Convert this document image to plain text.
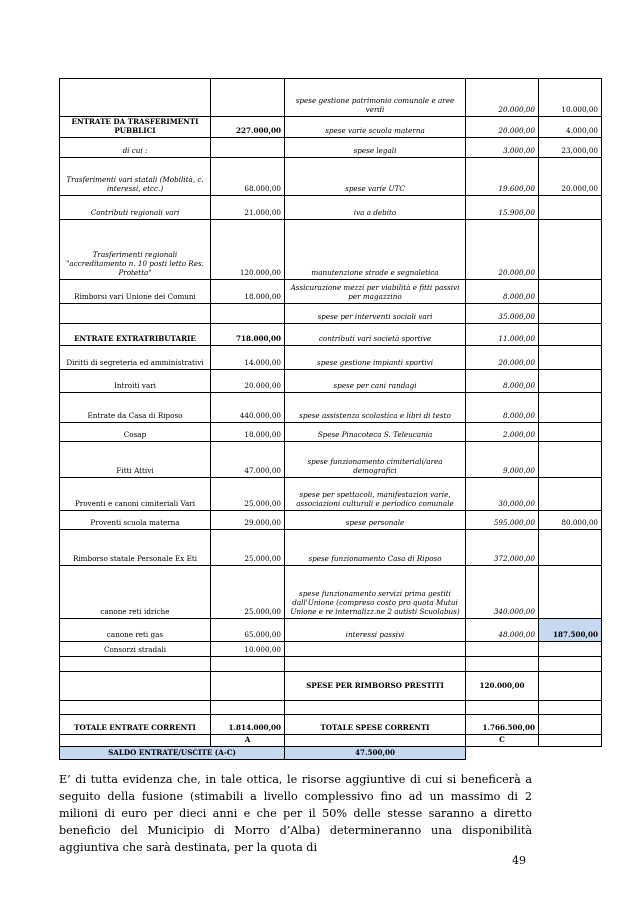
		spese gestione patrimonio comunale e aree verdi	20.000,00	10.000,00
ENTRATE DA TRASFERIMENTI PUBBLICI	227.000,00	spese varie scuola materna	20.000,00	4.000,00
di cui :		spese legali	3.000,00	23.000,00
Trasferimenti vari statali (Mobilità, c. interessi, etcc.)	68.000,00	spese varie UTC	19.600,00	20.000,00
Contributi regionali vari	21.000,00	iva a debito	15.900,00	
Trasferimenti regionali "accreditamento n. 10 posti letto Res. Protetta"	120.000,00	manutenzione strade e segnaletica	20.000,00	
Rimborsi vari Unione dei Comuni	18.000,00	Assicurazione mezzi per viabilità e fitti passivi per magazzino	8.000,00	
		spese per interventi sociali vari	35.000,00	
ENTRATE EXTRATRIBUTARIE	718.000,00	contributi vari società sportive	11.000,00	
Diritti di segreteria ed amministrativi	14.000,00	spese gestione impianti sportivi	20.000,00	
Introiti vari	20.000,00	spese per cani randagi	8.000,00	
Entrate da Casa di Riposo	440.000,00	spese assistenza scolastica e libri di testo	8.000,00	
Cosap	18.000,00	Spese Pinacoteca S. Teleucania	2.000,00	
Fitti Attivi	47.000,00	spese funzionamento cimiteriali/area demografici	9.000,00	
Proventi e canoni cimiteriali Vari	25.000,00	spese per spettacoli, manifestazion varie, associazioni culturali e periodico comunale	30.000,00	
Proventi scuola materna	29.000,00	spese personale	595.000,00	80.000,00
Rimborso statale Personale Ex Eti	25.000,00	spese funzionamento Casa di Riposo	372.000,00	
canone reti idriche	25.000,00	spese funzionamento servizi prima gestiti dall'Unione (compreso costo pro quota Mutui Unione e re internalizz.ne 2 autisti Scuolabus)	340.000,00	
canone reti gas	65.000,00	interessi passivi	48.000,00	187.500,00
Consorzi stradali	10.000,00			

		SPESE PER RIMBORSO PRESTITI	120.000,00	

TOTALE ENTRATE CORRENTI	1.814.000,00	TOTALE SPESE CORRENTI	1.766.500,00	
	A		C	
SALDO ENTRATE/USCITE (A-C)		47.500,00		

E’ di tutta evidenza che, in tale ottica, le risorse aggiuntive di cui si beneficerà a seguito della fusione (stimabili a livello complessivo fino ad un massimo di 2 milioni di euro per dieci anni e che per il 50% delle stesse saranno a diretto beneficio del Municipio di Morro d’Alba) determineranno una disponibilità aggiuntiva che sarà destinata, per la quota di

49
